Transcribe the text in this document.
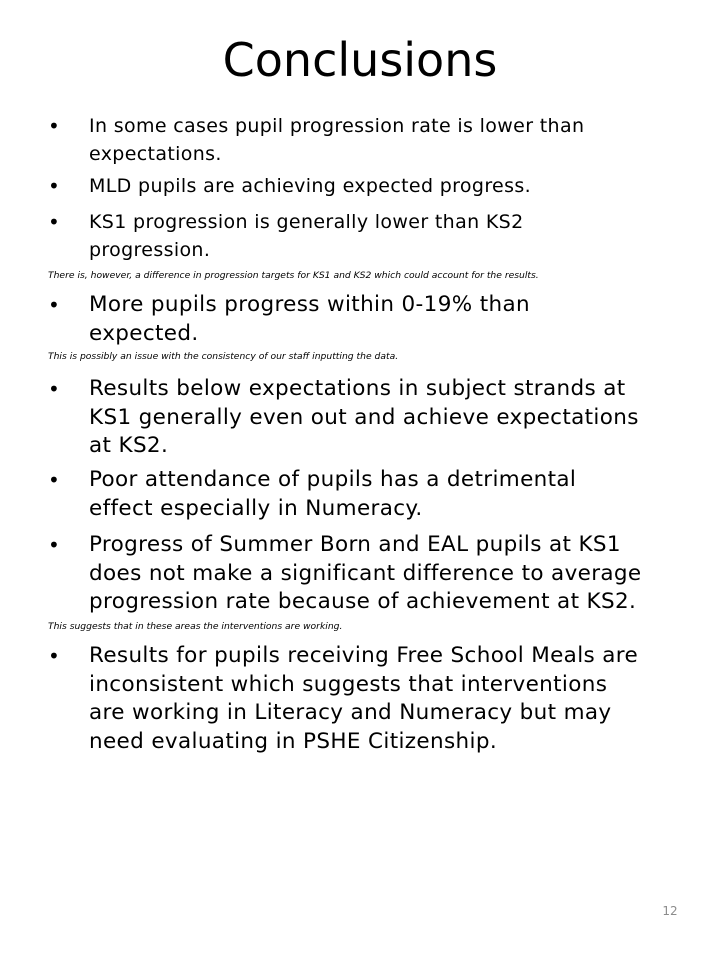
Conclusions
•	In some cases pupil progression rate is lower than
expectations.
•	MLD pupils are achieving expected progress.
•	KS1 progression is generally lower than KS2
progression.
There is, however, a difference in progression targets for KS1 and KS2 which could account for the results.
•	More pupils progress within 0-19% than
expected.
This is possibly an issue with the consistency of our staff inputting the data.
•	Results below expectations in subject strands at
KS1 generally even out and achieve expectations
at KS2.
•	Poor attendance of pupils has a detrimental
effect especially in Numeracy.
•	Progress of Summer Born and EAL pupils at KS1
does not make a significant difference to average
progression rate because of achievement at KS2.
This suggests that in these areas the interventions are working.
•	Results for pupils receiving Free School Meals are
inconsistent which suggests that interventions
are working in Literacy and Numeracy but may
need evaluating in PSHE Citizenship.
12
